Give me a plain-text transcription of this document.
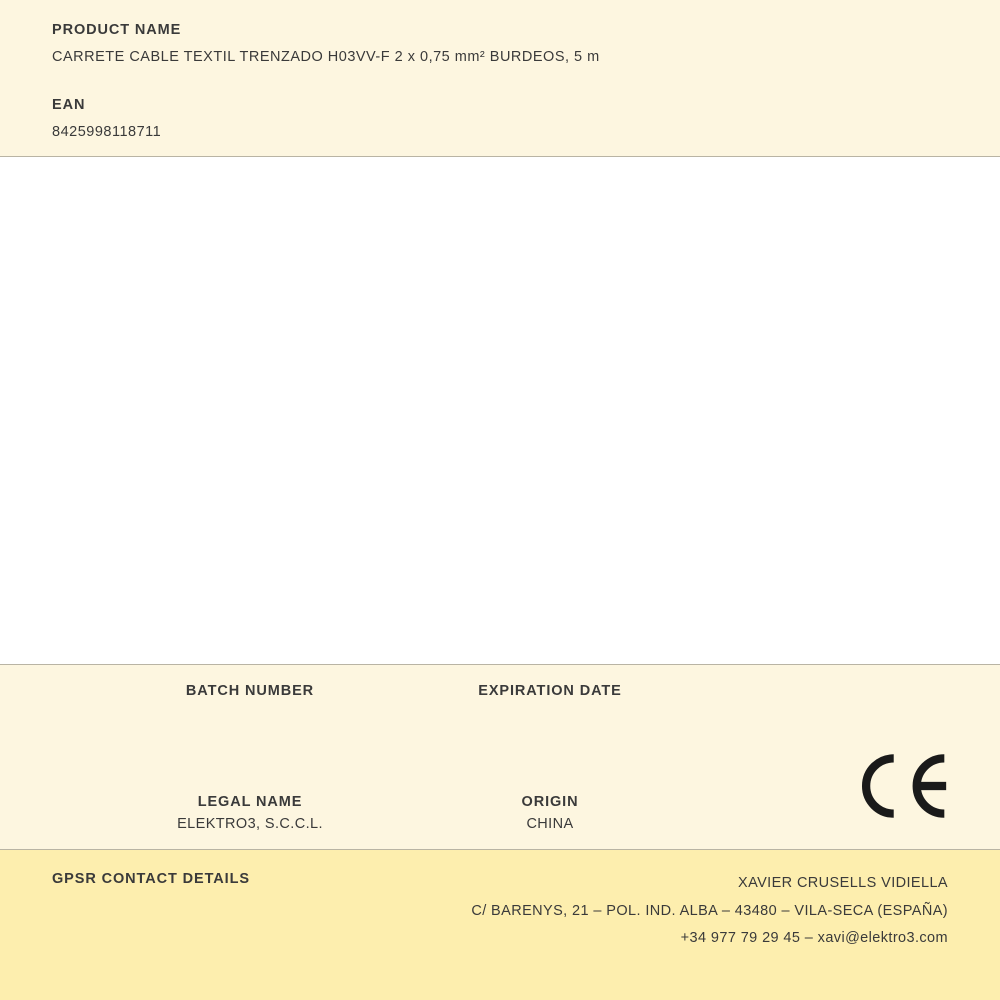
PRODUCT NAME

CARRETE CABLE TEXTIL TRENZADO H03VV-F 2 x 0,75 mm² BURDEOS, 5 m

EAN

8425998118711

BATCH NUMBER	EXPIRATION DATE

LEGAL NAME

ELEKTRO3, S.C.C.L.

ORIGIN

CHINA

GPSR CONTACT DETAILS	XAVIER CRUSELLS VIDIELLA
C/ BARENYS, 21 – POL. IND. ALBA – 43480 – VILA-SECA (ESPAÑA)
+34 977 79 29 45 – xavi@elektro3.com
